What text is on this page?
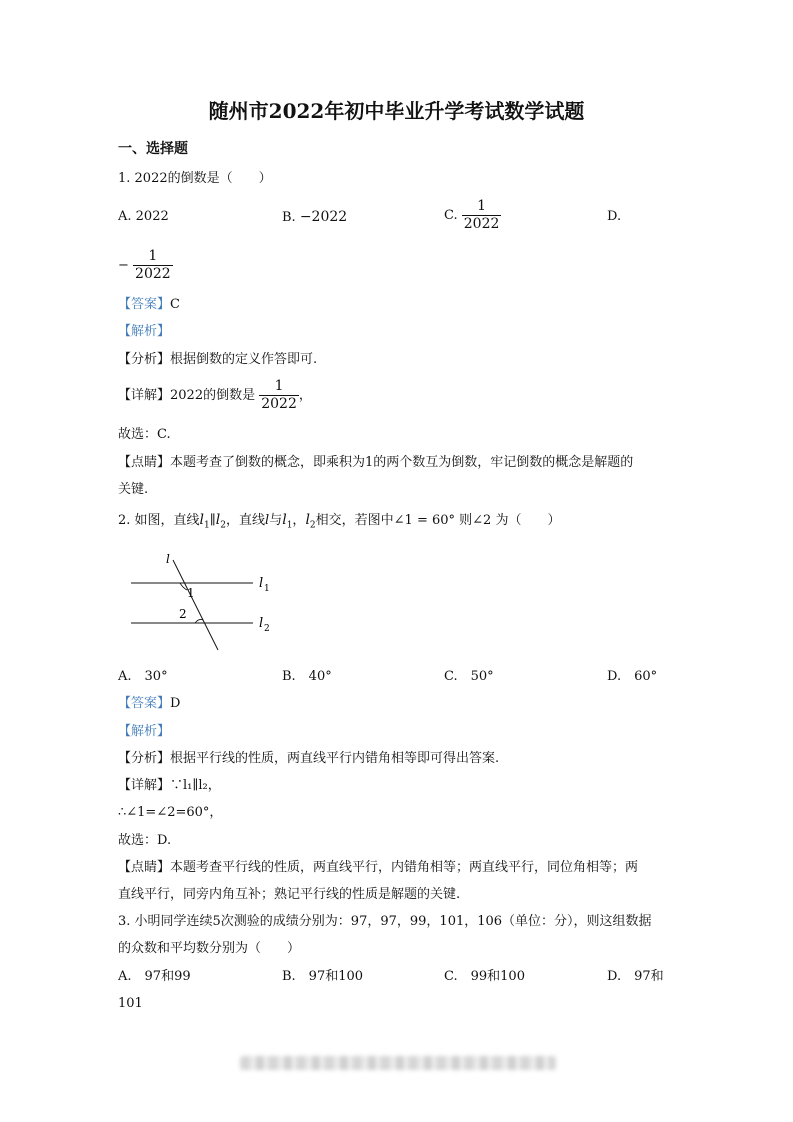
随州市2022年初中毕业升学考试数学试题
一、选择题
1. 2022的倒数是（　　）
A. 2022	B. −2022	C. $\frac{1}{2022}$	D.
− $\frac{1}{2022}$
【答案】C
【解析】
【分析】根据倒数的定义作答即可.
【详解】2022的倒数是 $\frac{1}{2022}$ ，
故选：C.
【点睛】本题考查了倒数的概念，即乘积为1的两个数互为倒数，牢记倒数的概念是解题的
关键.
2. 如图，直线$l_1\parallel l_2$，直线l与$l_1$，$l_2$相交，若图中∠1 = 60° 则∠2 为（　　）
l
1
2
l 1
l 2
A.　30°	B.　40°	C.　50°	D.　60°
【答案】D
【解析】
【分析】根据平行线的性质，两直线平行内错角相等即可得出答案.
【详解】∵l₁∥l₂，
∴∠1=∠2=60°，
故选：D.
【点睛】本题考查平行线的性质，两直线平行，内错角相等；两直线平行，同位角相等；两
直线平行，同旁内角互补；熟记平行线的性质是解题的关键.
3. 小明同学连续5次测验的成绩分别为：97，97，99，101，106（单位：分），则这组数据
的众数和平均数分别为（　　）
A.　97和99	B.　97和100	C.　99和100	D.　97和
101
